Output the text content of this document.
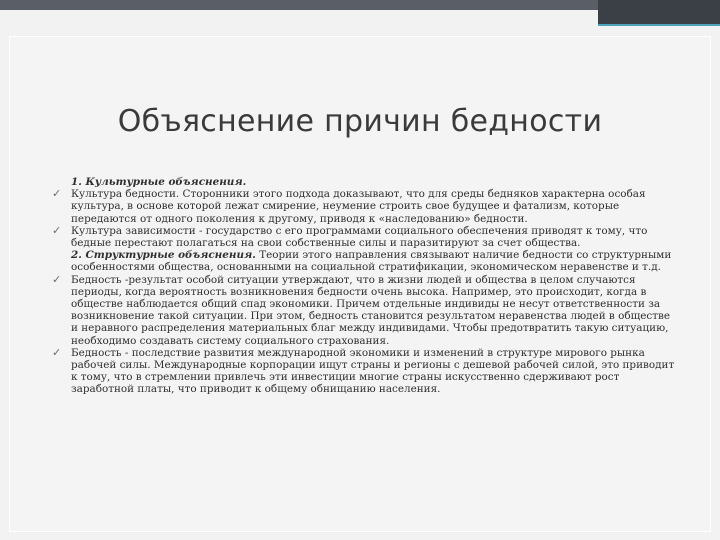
Объяснение причин бедности

1. Культурные объяснения.

✓ Культура бедности. Сторонники этого подхода доказывают, что для среды бедняков характерна особая культура, в основе которой лежат смирение, неумение строить свое будущее и фатализм, которые передаются от одного поколения к другому, приводя к «наследованию» бедности.

✓ Культура зависимости - государство с его программами социального обеспечения приводят к тому, что бедные перестают полагаться на свои собственные силы и паразитируют за счет общества.

2. Структурные объяснения. Теории этого направления связывают наличие бедности со структурными особенностями общества, основанными на социальной стратификации, экономическом неравенстве и т.д.

✓ Бедность -результат особой ситуации утверждают, что в жизни людей и общества в целом случаются периоды, когда вероятность возникновения бедности очень высока. Например, это происходит, когда в обществе наблюдается общий спад экономики. Причем отдельные индивиды не несут ответственности за возникновение такой ситуации. При этом, бедность становится результатом неравенства людей в обществе и неравного распределения материальных благ между индивидами. Чтобы предотвратить такую ситуацию, необходимо создавать систему социального страхования.

✓ Бедность - последствие развития международной экономики и изменений в структуре мирового рынка рабочей силы. Международные корпорации ищут страны и регионы с дешевой рабочей силой, это приводит к тому, что в стремлении привлечь эти инвестиции многие страны искусственно сдерживают рост заработной платы, что приводит к общему обнищанию населения.
